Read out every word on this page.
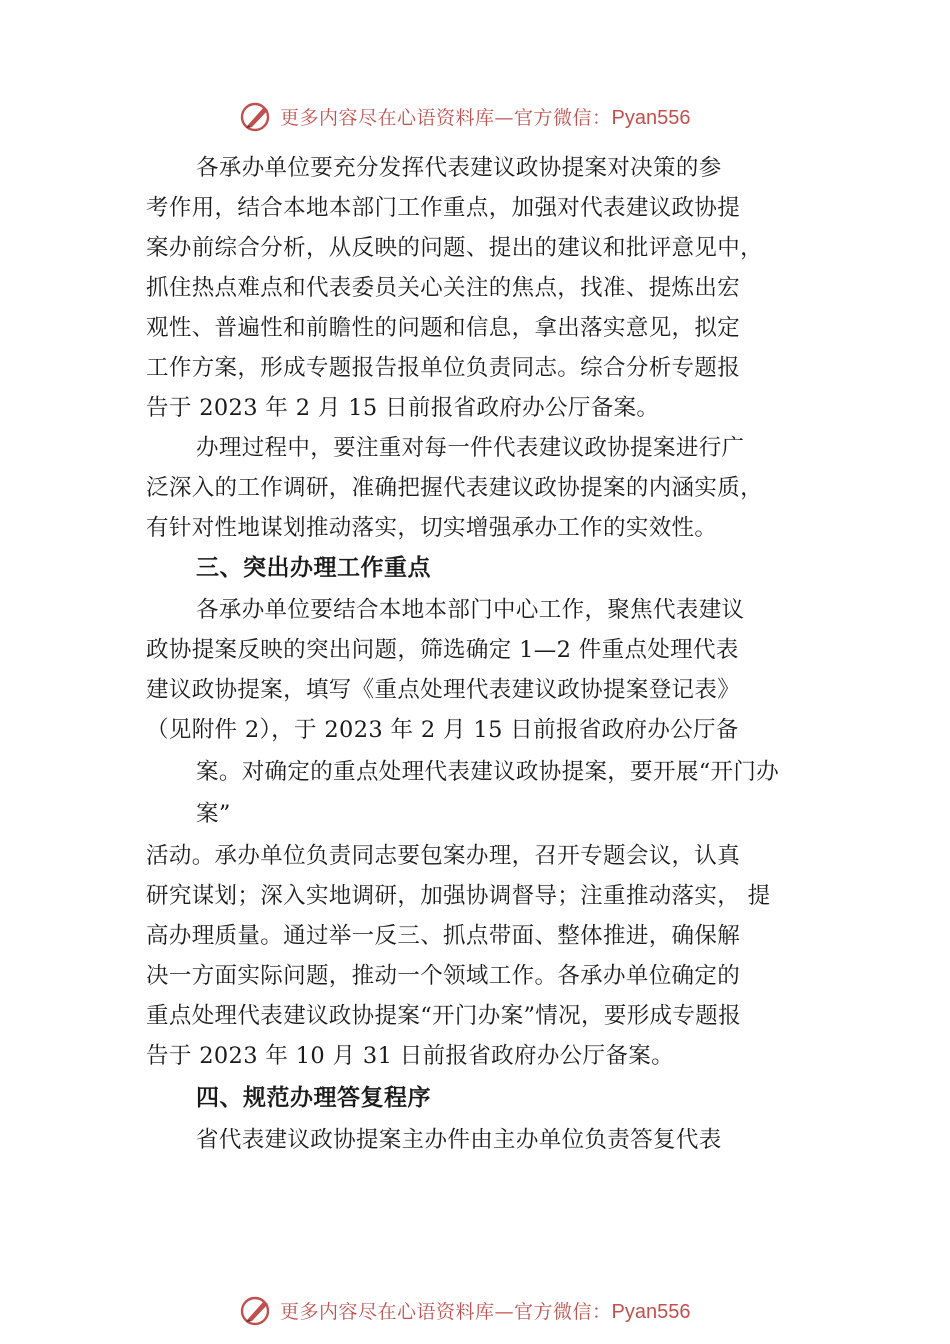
更多内容尽在心语资料库—官方微信：Pyan556
各承办单位要充分发挥代表建议政协提案对决策的参
考作用，结合本地本部门工作重点，加强对代表建议政协提
案办前综合分析，从反映的问题、提出的建议和批评意见中，
抓住热点难点和代表委员关心关注的焦点，找准、提炼出宏
观性、普遍性和前瞻性的问题和信息，拿出落实意见，拟定
工作方案，形成专题报告报单位负责同志。综合分析专题报
告于 2023 年 2 月 15 日前报省政府办公厅备案。
办理过程中，要注重对每一件代表建议政协提案进行广
泛深入的工作调研，准确把握代表建议政协提案的内涵实质，
有针对性地谋划推动落实，切实增强承办工作的实效性。
三、突出办理工作重点
各承办单位要结合本地本部门中心工作，聚焦代表建议
政协提案反映的突出问题，筛选确定 1—2 件重点处理代表
建议政协提案，填写《重点处理代表建议政协提案登记表》
（见附件 2），于 2023 年 2 月 15 日前报省政府办公厅备
案。对确定的重点处理代表建议政协提案，要开展“开门办
案”
活动。承办单位负责同志要包案办理，召开专题会议，认真
研究谋划；深入实地调研，加强协调督导；注重推动落实， 提
高办理质量。通过举一反三、抓点带面、整体推进，确保解
决一方面实际问题，推动一个领域工作。各承办单位确定的
重点处理代表建议政协提案“开门办案”情况，要形成专题报
告于 2023 年 10 月 31 日前报省政府办公厅备案。
四、规范办理答复程序
省代表建议政协提案主办件由主办单位负责答复代表
更多内容尽在心语资料库—官方微信：Pyan556
